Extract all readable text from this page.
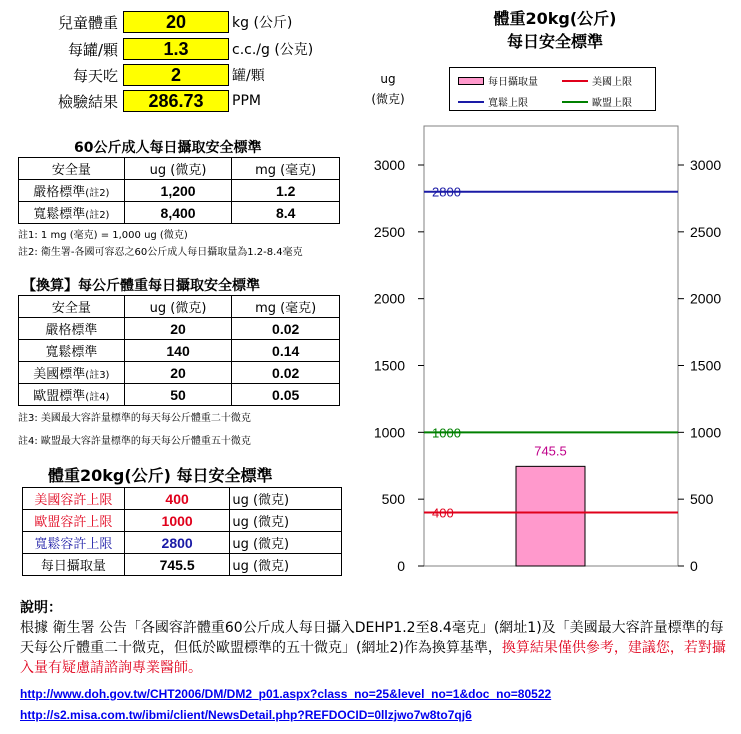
兒童體重	20	kg (公斤)
每罐/顆	1.3	c.c./g (公克)
每天吃	2	罐/顆
檢驗結果	286.73	PPM
60公斤成人每日攝取安全標準
安全量	ug (微克)	mg (毫克)
嚴格標準(註2)	1,200	1.2
寬鬆標準(註2)	8,400	8.4
註1: 1 mg (毫克) = 1,000 ug (微克)
註2: 衛生署-各國可容忍之60公斤成人每日攝取量為1.2-8.4毫克
【換算】每公斤體重每日攝取安全標準
安全量	ug (微克)	mg (毫克)
嚴格標準	20	0.02
寬鬆標準	140	0.14
美國標準(註3)	20	0.02
歐盟標準(註4)	50	0.05
註3: 美國最大容許量標準的每天每公斤體重二十微克
註4: 歐盟最大容許量標準的每天每公斤體重五十微克
體重20kg(公斤) 每日安全標準
美國容許上限	400	ug (微克)
歐盟容許上限	1000	ug (微克)
寬鬆容許上限	2800	ug (微克)
每日攝取量	745.5	ug (微克)
體重20kg(公斤)
每日安全標準
ug
(微克)
每日攝取量	美國上限
寬鬆上限	歐盟上限
0	0
500	500
1000	1000
1500	1500
2000	2000
2500	2500
3000	3000
745.5
400
2800
1000
說明：
根據 衛生署 公告「各國容許體重60公斤成人每日攝入DEHP1.2至8.4毫克」(網址1)及「美國最大容許量標準的每天每公斤體重二十微克，但低於歐盟標準的五十微克」(網址2)作為換算基準，換算結果僅供參考，建議您，若對攝入量有疑慮請諮詢專業醫師。
http://www.doh.gov.tw/CHT2006/DM/DM2_p01.aspx?class_no=25&level_no=1&doc_no=80522
http://s2.misa.com.tw/ibmi/client/NewsDetail.php?REFDOCID=0llzjwo7w8to7qj6
